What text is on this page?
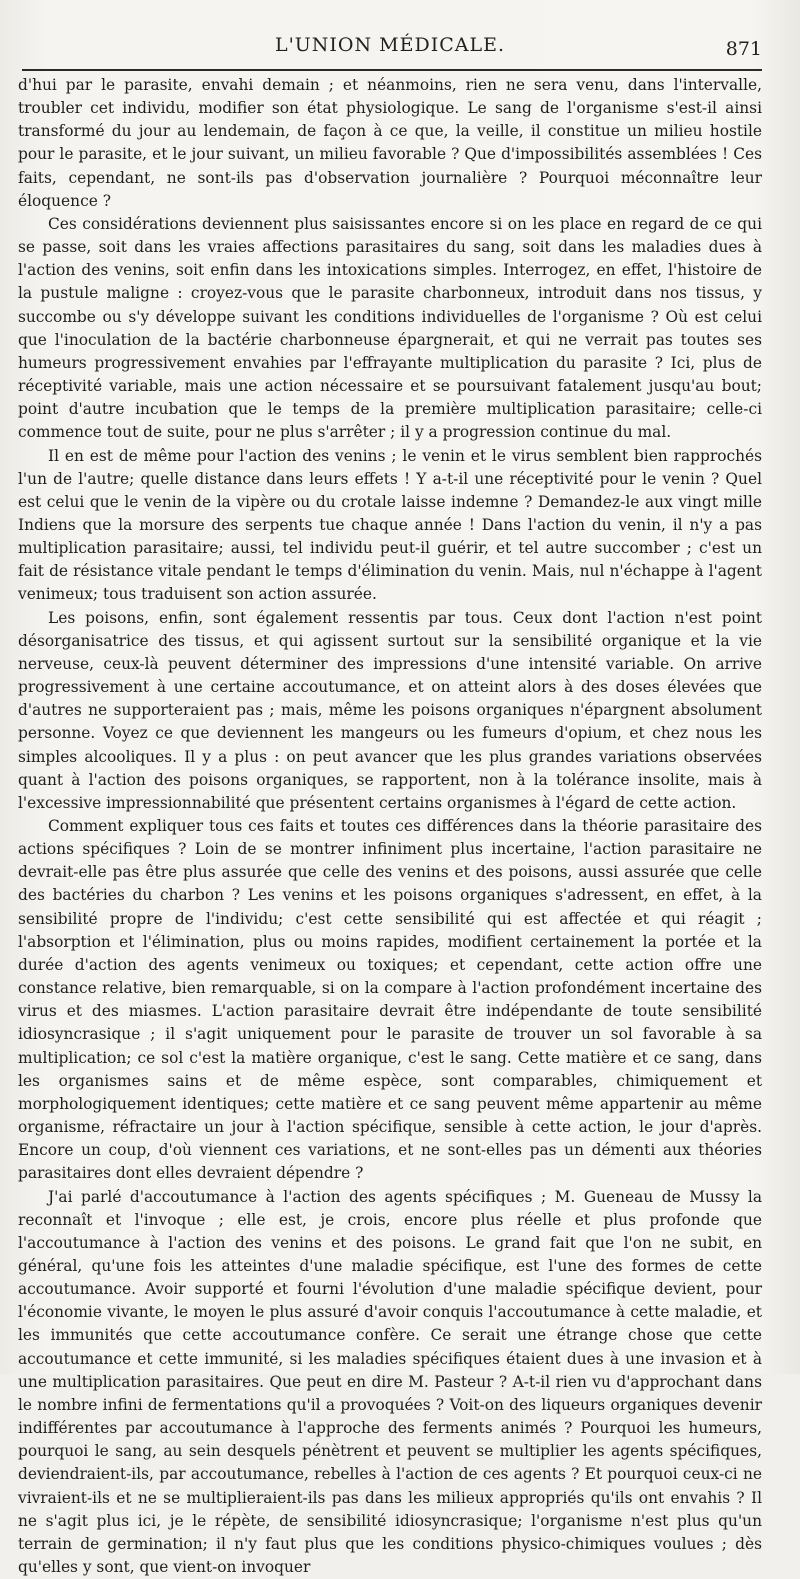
L'UNION MÉDICALE.	871

d'hui par le parasite, envahi demain ; et néanmoins, rien ne sera venu, dans l'intervalle, troubler cet individu, modifier son état physiologique. Le sang de l'organisme s'est-il ainsi transformé du jour au lendemain, de façon à ce que, la veille, il constitue un milieu hostile pour le parasite, et le jour suivant, un milieu favorable ? Que d'impossibilités assemblées ! Ces faits, cependant, ne sont-ils pas d'observation journalière ? Pourquoi méconnaître leur éloquence ?

Ces considérations deviennent plus saisissantes encore si on les place en regard de ce qui se passe, soit dans les vraies affections parasitaires du sang, soit dans les maladies dues à l'action des venins, soit enfin dans les intoxications simples. Interrogez, en effet, l'histoire de la pustule maligne : croyez-vous que le parasite charbonneux, introduit dans nos tissus, y succombe ou s'y développe suivant les conditions individuelles de l'organisme ? Où est celui que l'inoculation de la bactérie charbonneuse épargnerait, et qui ne verrait pas toutes ses humeurs progressivement envahies par l'effrayante multiplication du parasite ? Ici, plus de réceptivité variable, mais une action nécessaire et se poursuivant fatalement jusqu'au bout; point d'autre incubation que le temps de la première multiplication parasitaire; celle-ci commence tout de suite, pour ne plus s'arrêter ; il y a progression continue du mal.

Il en est de même pour l'action des venins ; le venin et le virus semblent bien rapprochés l'un de l'autre; quelle distance dans leurs effets ! Y a-t-il une réceptivité pour le venin ? Quel est celui que le venin de la vipère ou du crotale laisse indemne ? Demandez-le aux vingt mille Indiens que la morsure des serpents tue chaque année ! Dans l'action du venin, il n'y a pas multiplication parasitaire; aussi, tel individu peut-il guérir, et tel autre succomber ; c'est un fait de résistance vitale pendant le temps d'élimination du venin. Mais, nul n'échappe à l'agent venimeux; tous traduisent son action assurée.

Les poisons, enfin, sont également ressentis par tous. Ceux dont l'action n'est point désorganisatrice des tissus, et qui agissent surtout sur la sensibilité organique et la vie nerveuse, ceux-là peuvent déterminer des impressions d'une intensité variable. On arrive progressivement à une certaine accoutumance, et on atteint alors à des doses élevées que d'autres ne supporteraient pas ; mais, même les poisons organiques n'épargnent absolument personne. Voyez ce que deviennent les mangeurs ou les fumeurs d'opium, et chez nous les simples alcooliques. Il y a plus : on peut avancer que les plus grandes variations observées quant à l'action des poisons organiques, se rapportent, non à la tolérance insolite, mais à l'excessive impressionnabilité que présentent certains organismes à l'égard de cette action.

Comment expliquer tous ces faits et toutes ces différences dans la théorie parasitaire des actions spécifiques ? Loin de se montrer infiniment plus incertaine, l'action parasitaire ne devrait-elle pas être plus assurée que celle des venins et des poisons, aussi assurée que celle des bactéries du charbon ? Les venins et les poisons organiques s'adressent, en effet, à la sensibilité propre de l'individu; c'est cette sensibilité qui est affectée et qui réagit ; l'absorption et l'élimination, plus ou moins rapides, modifient certainement la portée et la durée d'action des agents venimeux ou toxiques; et cependant, cette action offre une constance relative, bien remarquable, si on la compare à l'action profondément incertaine des virus et des miasmes. L'action parasitaire devrait être indépendante de toute sensibilité idiosyncrasique ; il s'agit uniquement pour le parasite de trouver un sol favorable à sa multiplication; ce sol c'est la matière organique, c'est le sang. Cette matière et ce sang, dans les organismes sains et de même espèce, sont comparables, chimiquement et morphologiquement identiques; cette matière et ce sang peuvent même appartenir au même organisme, réfractaire un jour à l'action spécifique, sensible à cette action, le jour d'après. Encore un coup, d'où viennent ces variations, et ne sont-elles pas un démenti aux théories parasitaires dont elles devraient dépendre ?

J'ai parlé d'accoutumance à l'action des agents spécifiques ; M. Gueneau de Mussy la reconnaît et l'invoque ; elle est, je crois, encore plus réelle et plus profonde que l'accoutumance à l'action des venins et des poisons. Le grand fait que l'on ne subit, en général, qu'une fois les atteintes d'une maladie spécifique, est l'une des formes de cette accoutumance. Avoir supporté et fourni l'évolution d'une maladie spécifique devient, pour l'économie vivante, le moyen le plus assuré d'avoir conquis l'accoutumance à cette maladie, et les immunités que cette accoutumance confère. Ce serait une étrange chose que cette accoutumance et cette immunité, si les maladies spécifiques étaient dues à une invasion et à une multiplication parasitaires. Que peut en dire M. Pasteur ? A-t-il rien vu d'approchant dans le nombre infini de fermentations qu'il a provoquées ? Voit-on des liqueurs organiques devenir indifférentes par accoutumance à l'approche des ferments animés ? Pourquoi les humeurs, pourquoi le sang, au sein desquels pénètrent et peuvent se multiplier les agents spécifiques, deviendraient-ils, par accoutumance, rebelles à l'action de ces agents ? Et pourquoi ceux-ci ne vivraient-ils et ne se multiplieraient-ils pas dans les milieux appropriés qu'ils ont envahis ? Il ne s'agit plus ici, je le répète, de sensibilité idiosyncrasique; l'organisme n'est plus qu'un terrain de germination; il n'y faut plus que les conditions physico-chimiques voulues ; dès qu'elles y sont, que vient-on invoquer
